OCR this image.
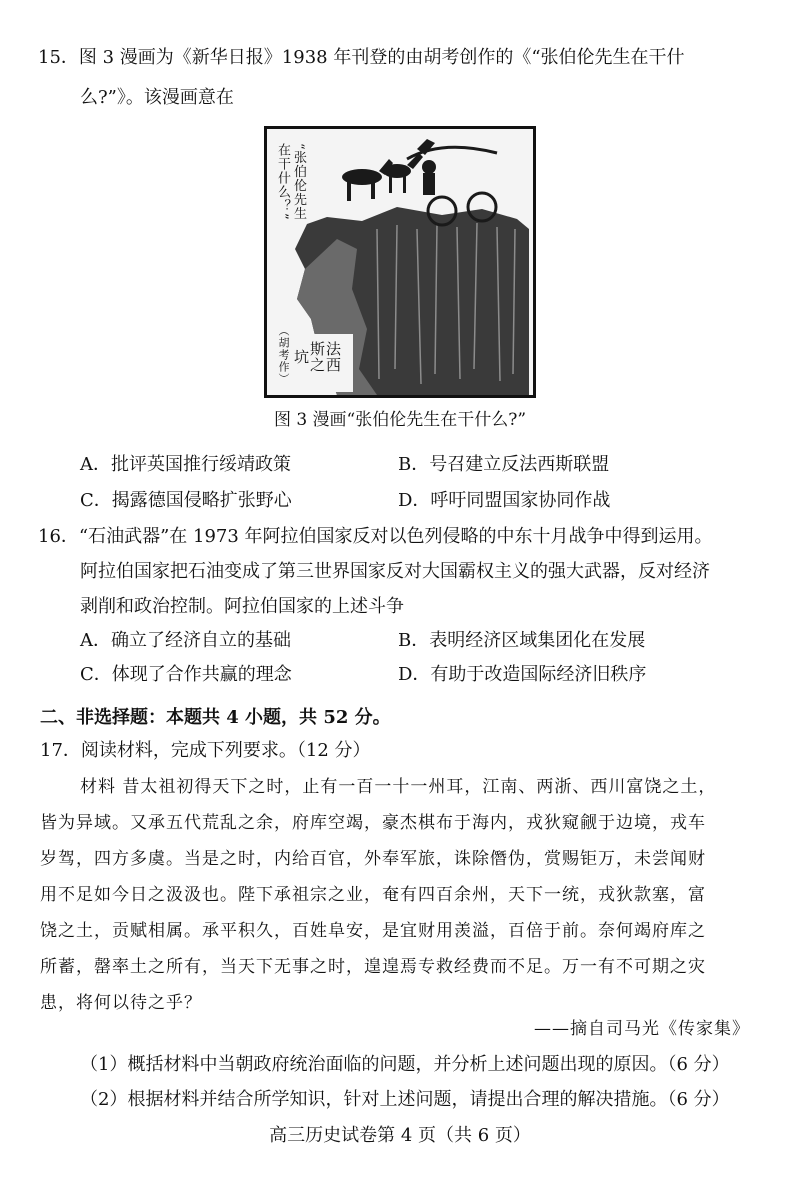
15．图 3 漫画为《新华日报》1938 年刊登的由胡考创作的《“张伯伦先生在干什
么?”》。该漫画意在
“张伯伦先生
在干什么？”
（胡考作） 法西
斯之
坑
图 3 漫画“张伯伦先生在干什么?”
A．批评英国推行绥靖政策	B．号召建立反法西斯联盟
C．揭露德国侵略扩张野心	D．呼吁同盟国家协同作战
16．“石油武器”在 1973 年阿拉伯国家反对以色列侵略的中东十月战争中得到运用。
阿拉伯国家把石油变成了第三世界国家反对大国霸权主义的强大武器，反对经济
剥削和政治控制。阿拉伯国家的上述斗争
A．确立了经济自立的基础	B．表明经济区域集团化在发展
C．体现了合作共赢的理念	D．有助于改造国际经济旧秩序
二、非选择题：本题共 4 小题，共 52 分。
17．阅读材料，完成下列要求。（12 分）
材料 昔太祖初得天下之时，止有一百一十一州耳，江南、两浙、西川富饶之土，
皆为异域。又承五代荒乱之余，府库空竭，豪杰棋布于海内，戎狄窥觎于边境，戎车
岁驾，四方多虞。当是之时，内给百官，外奉军旅，诛除僭伪，赏赐钜万，未尝闻财
用不足如今日之汲汲也。陛下承祖宗之业，奄有四百余州，天下一统，戎狄款塞，富
饶之土，贡赋相属。承平积久，百姓阜安，是宜财用羡溢，百倍于前。奈何竭府库之
所蓄，罄率土之所有，当天下无事之时，遑遑焉专救经费而不足。万一有不可期之灾
患，将何以待之乎？
——摘自司马光《传家集》
（1）概括材料中当朝政府统治面临的问题，并分析上述问题出现的原因。（6 分）
（2）根据材料并结合所学知识，针对上述问题，请提出合理的解决措施。（6 分）
高三历史试卷第 4 页（共 6 页）
